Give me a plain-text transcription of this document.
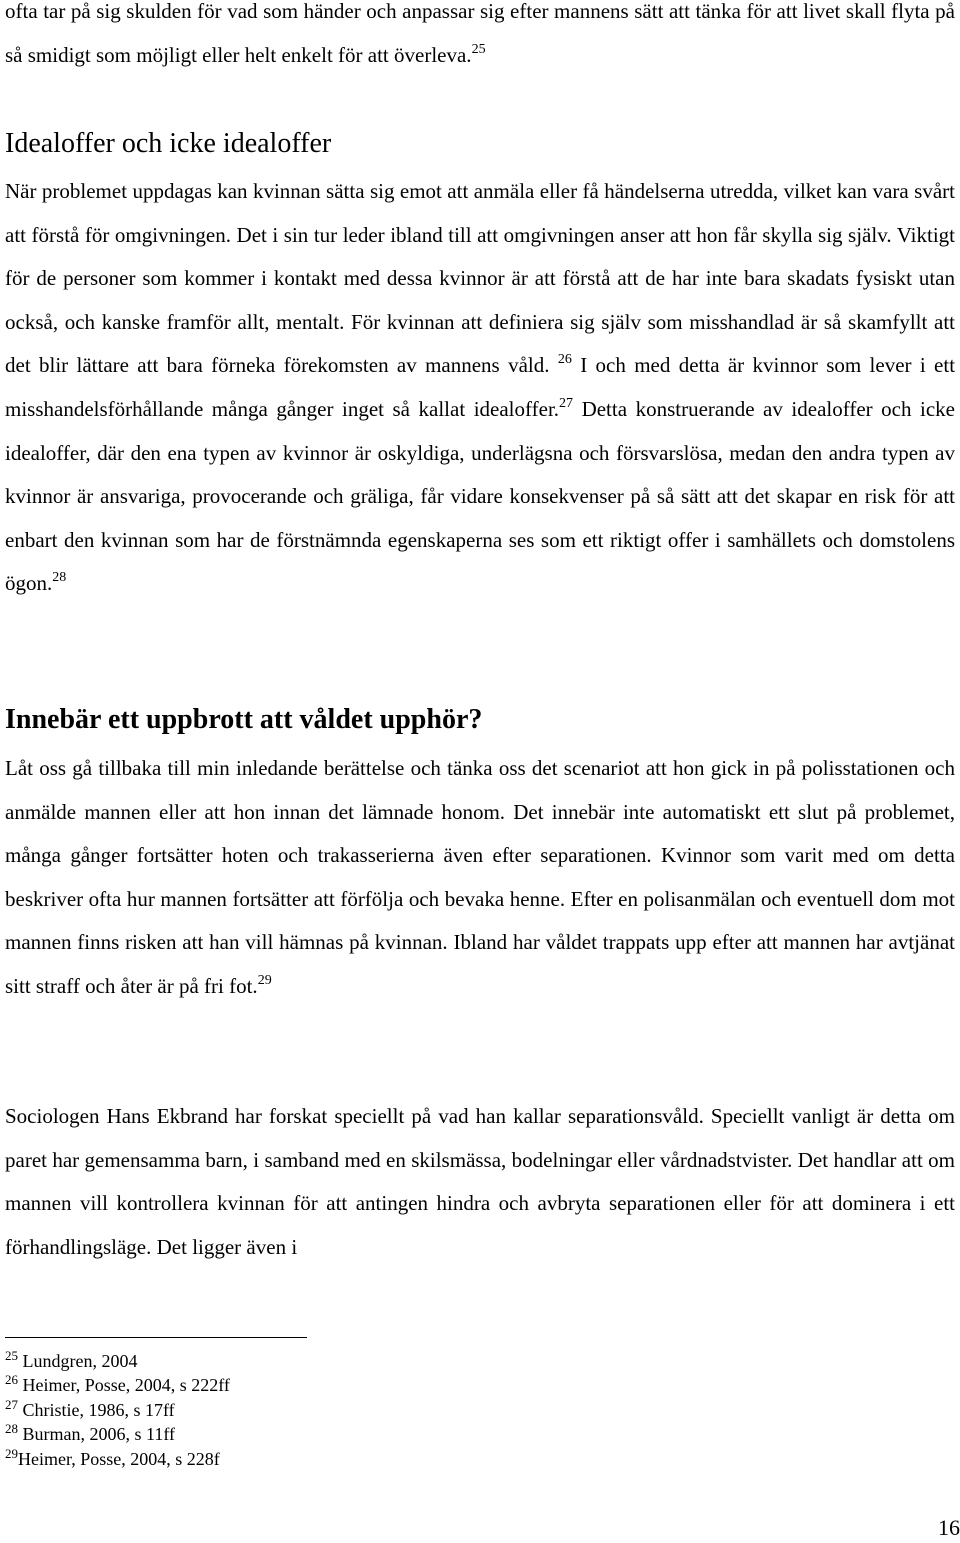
ofta tar på sig skulden för vad som händer och anpassar sig efter mannens sätt att tänka för att livet skall flyta på så smidigt som möjligt eller helt enkelt för att överleva.$^{25}$

Idealoffer och icke idealoffer

När problemet uppdagas kan kvinnan sätta sig emot att anmäla eller få händelserna utredda, vilket kan vara svårt att förstå för omgivningen. Det i sin tur leder ibland till att omgivningen anser att hon får skylla sig själv. Viktigt för de personer som kommer i kontakt med dessa kvinnor är att förstå att de har inte bara skadats fysiskt utan också, och kanske framför allt, mentalt. För kvinnan att definiera sig själv som misshandlad är så skamfyllt att det blir lättare att bara förneka förekomsten av mannens våld. $^{26}$ I och med detta är kvinnor som lever i ett misshandelsförhållande många gånger inget så kallat idealoffer.$^{27}$ Detta konstruerande av idealoffer och icke idealoffer, där den ena typen av kvinnor är oskyldiga, underlägsna och försvarslösa, medan den andra typen av kvinnor är ansvariga, provocerande och gräliga, får vidare konsekvenser på så sätt att det skapar en risk för att enbart den kvinnan som har de förstnämnda egenskaperna ses som ett riktigt offer i samhällets och domstolens ögon.$^{28}$

Innebär ett uppbrott att våldet upphör?

Låt oss gå tillbaka till min inledande berättelse och tänka oss det scenariot att hon gick in på polisstationen och anmälde mannen eller att hon innan det lämnade honom. Det innebär inte automatiskt ett slut på problemet, många gånger fortsätter hoten och trakasserierna även efter separationen. Kvinnor som varit med om detta beskriver ofta hur mannen fortsätter att förfölja och bevaka henne. Efter en polisanmälan och eventuell dom mot mannen finns risken att han vill hämnas på kvinnan. Ibland har våldet trappats upp efter att mannen har avtjänat sitt straff och åter är på fri fot.$^{29}$

Sociologen Hans Ekbrand har forskat speciellt på vad han kallar separationsvåld. Speciellt vanligt är detta om paret har gemensamma barn, i samband med en skilsmässa, bodelningar eller vårdnadstvister. Det handlar att om mannen vill kontrollera kvinnan för att antingen hindra och avbryta separationen eller för att dominera i ett förhandlingsläge. Det ligger även i

$^{25}$ Lundgren, 2004
$^{26}$ Heimer, Posse, 2004, s 222ff
$^{27}$ Christie, 1986, s 17ff
$^{28}$ Burman, 2006, s 11ff
$^{29}$Heimer, Posse, 2004, s 228f
16
